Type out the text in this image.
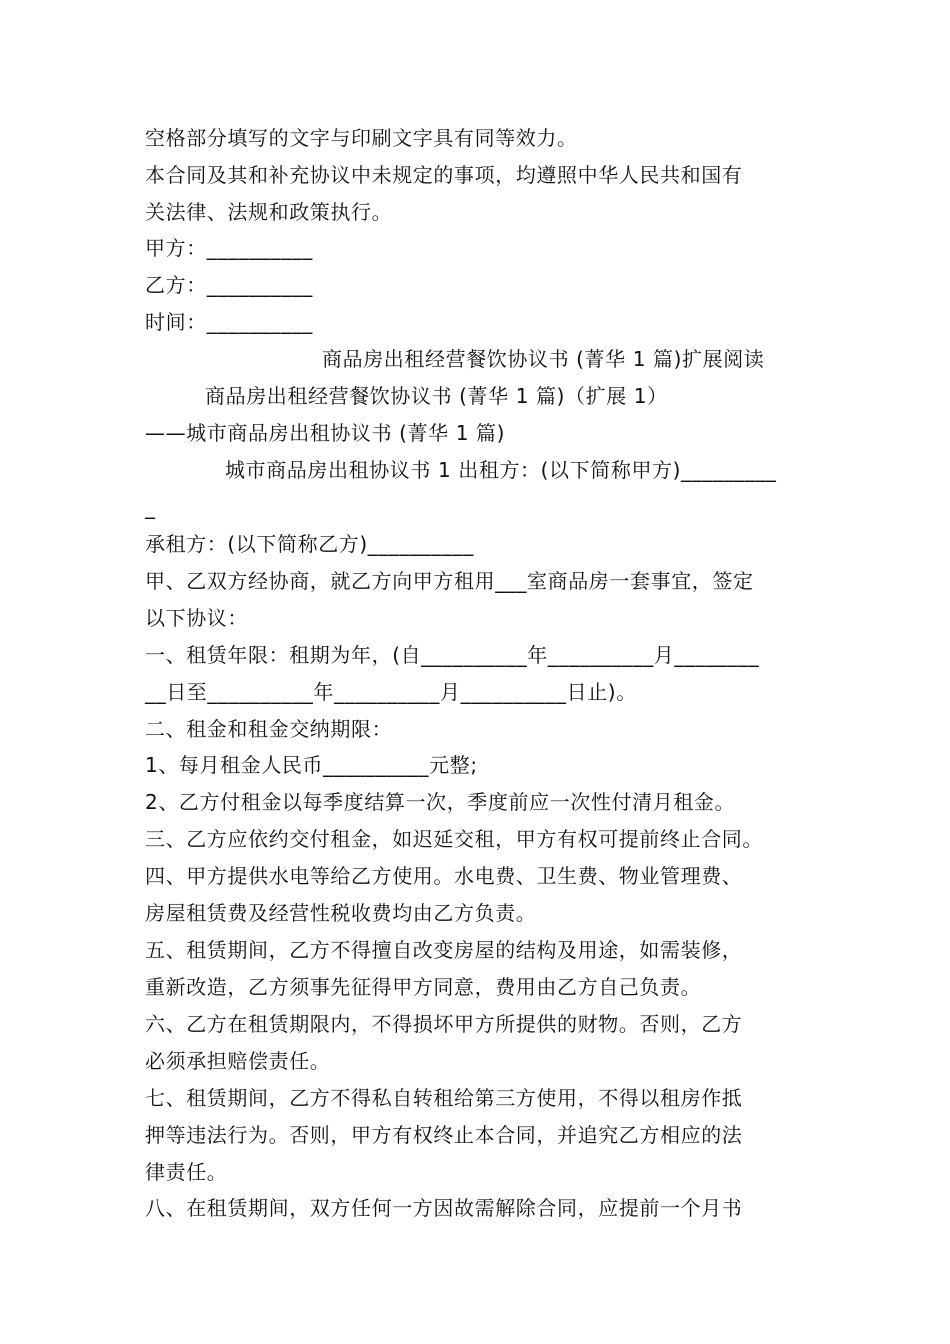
空格部分填写的文字与印刷文字具有同等效力。
本合同及其和补充协议中未规定的事项，均遵照中华人民共和国有
关法律、法规和政策执行。
甲方：__________
乙方：__________
时间：__________
商品房出租经营餐饮协议书 (菁华 1 篇)扩展阅读
商品房出租经营餐饮协议书 (菁华 1 篇)（扩展 1）
——城市商品房出租协议书 (菁华 1 篇)
城市商品房出租协议书 1 出租方：(以下简称甲方)_________
_
承租方：(以下简称乙方)__________
甲、乙双方经协商，就乙方向甲方租用___室商品房一套事宜，签定
以下协议：
一、租赁年限：租期为年，(自__________年__________月________
__日至__________年__________月__________日止)。
二、租金和租金交纳期限：
1、每月租金人民币__________元整;
2、乙方付租金以每季度结算一次，季度前应一次性付清月租金。
三、乙方应依约交付租金，如迟延交租，甲方有权可提前终止合同。
四、甲方提供水电等给乙方使用。水电费、卫生费、物业管理费、
房屋租赁费及经营性税收费均由乙方负责。
五、租赁期间，乙方不得擅自改变房屋的结构及用途，如需装修，
重新改造，乙方须事先征得甲方同意，费用由乙方自己负责。
六、乙方在租赁期限内，不得损坏甲方所提供的财物。否则，乙方
必须承担赔偿责任。
七、租赁期间，乙方不得私自转租给第三方使用，不得以租房作抵
押等违法行为。否则，甲方有权终止本合同，并追究乙方相应的法
律责任。
八、在租赁期间，双方任何一方因故需解除合同，应提前一个月书
